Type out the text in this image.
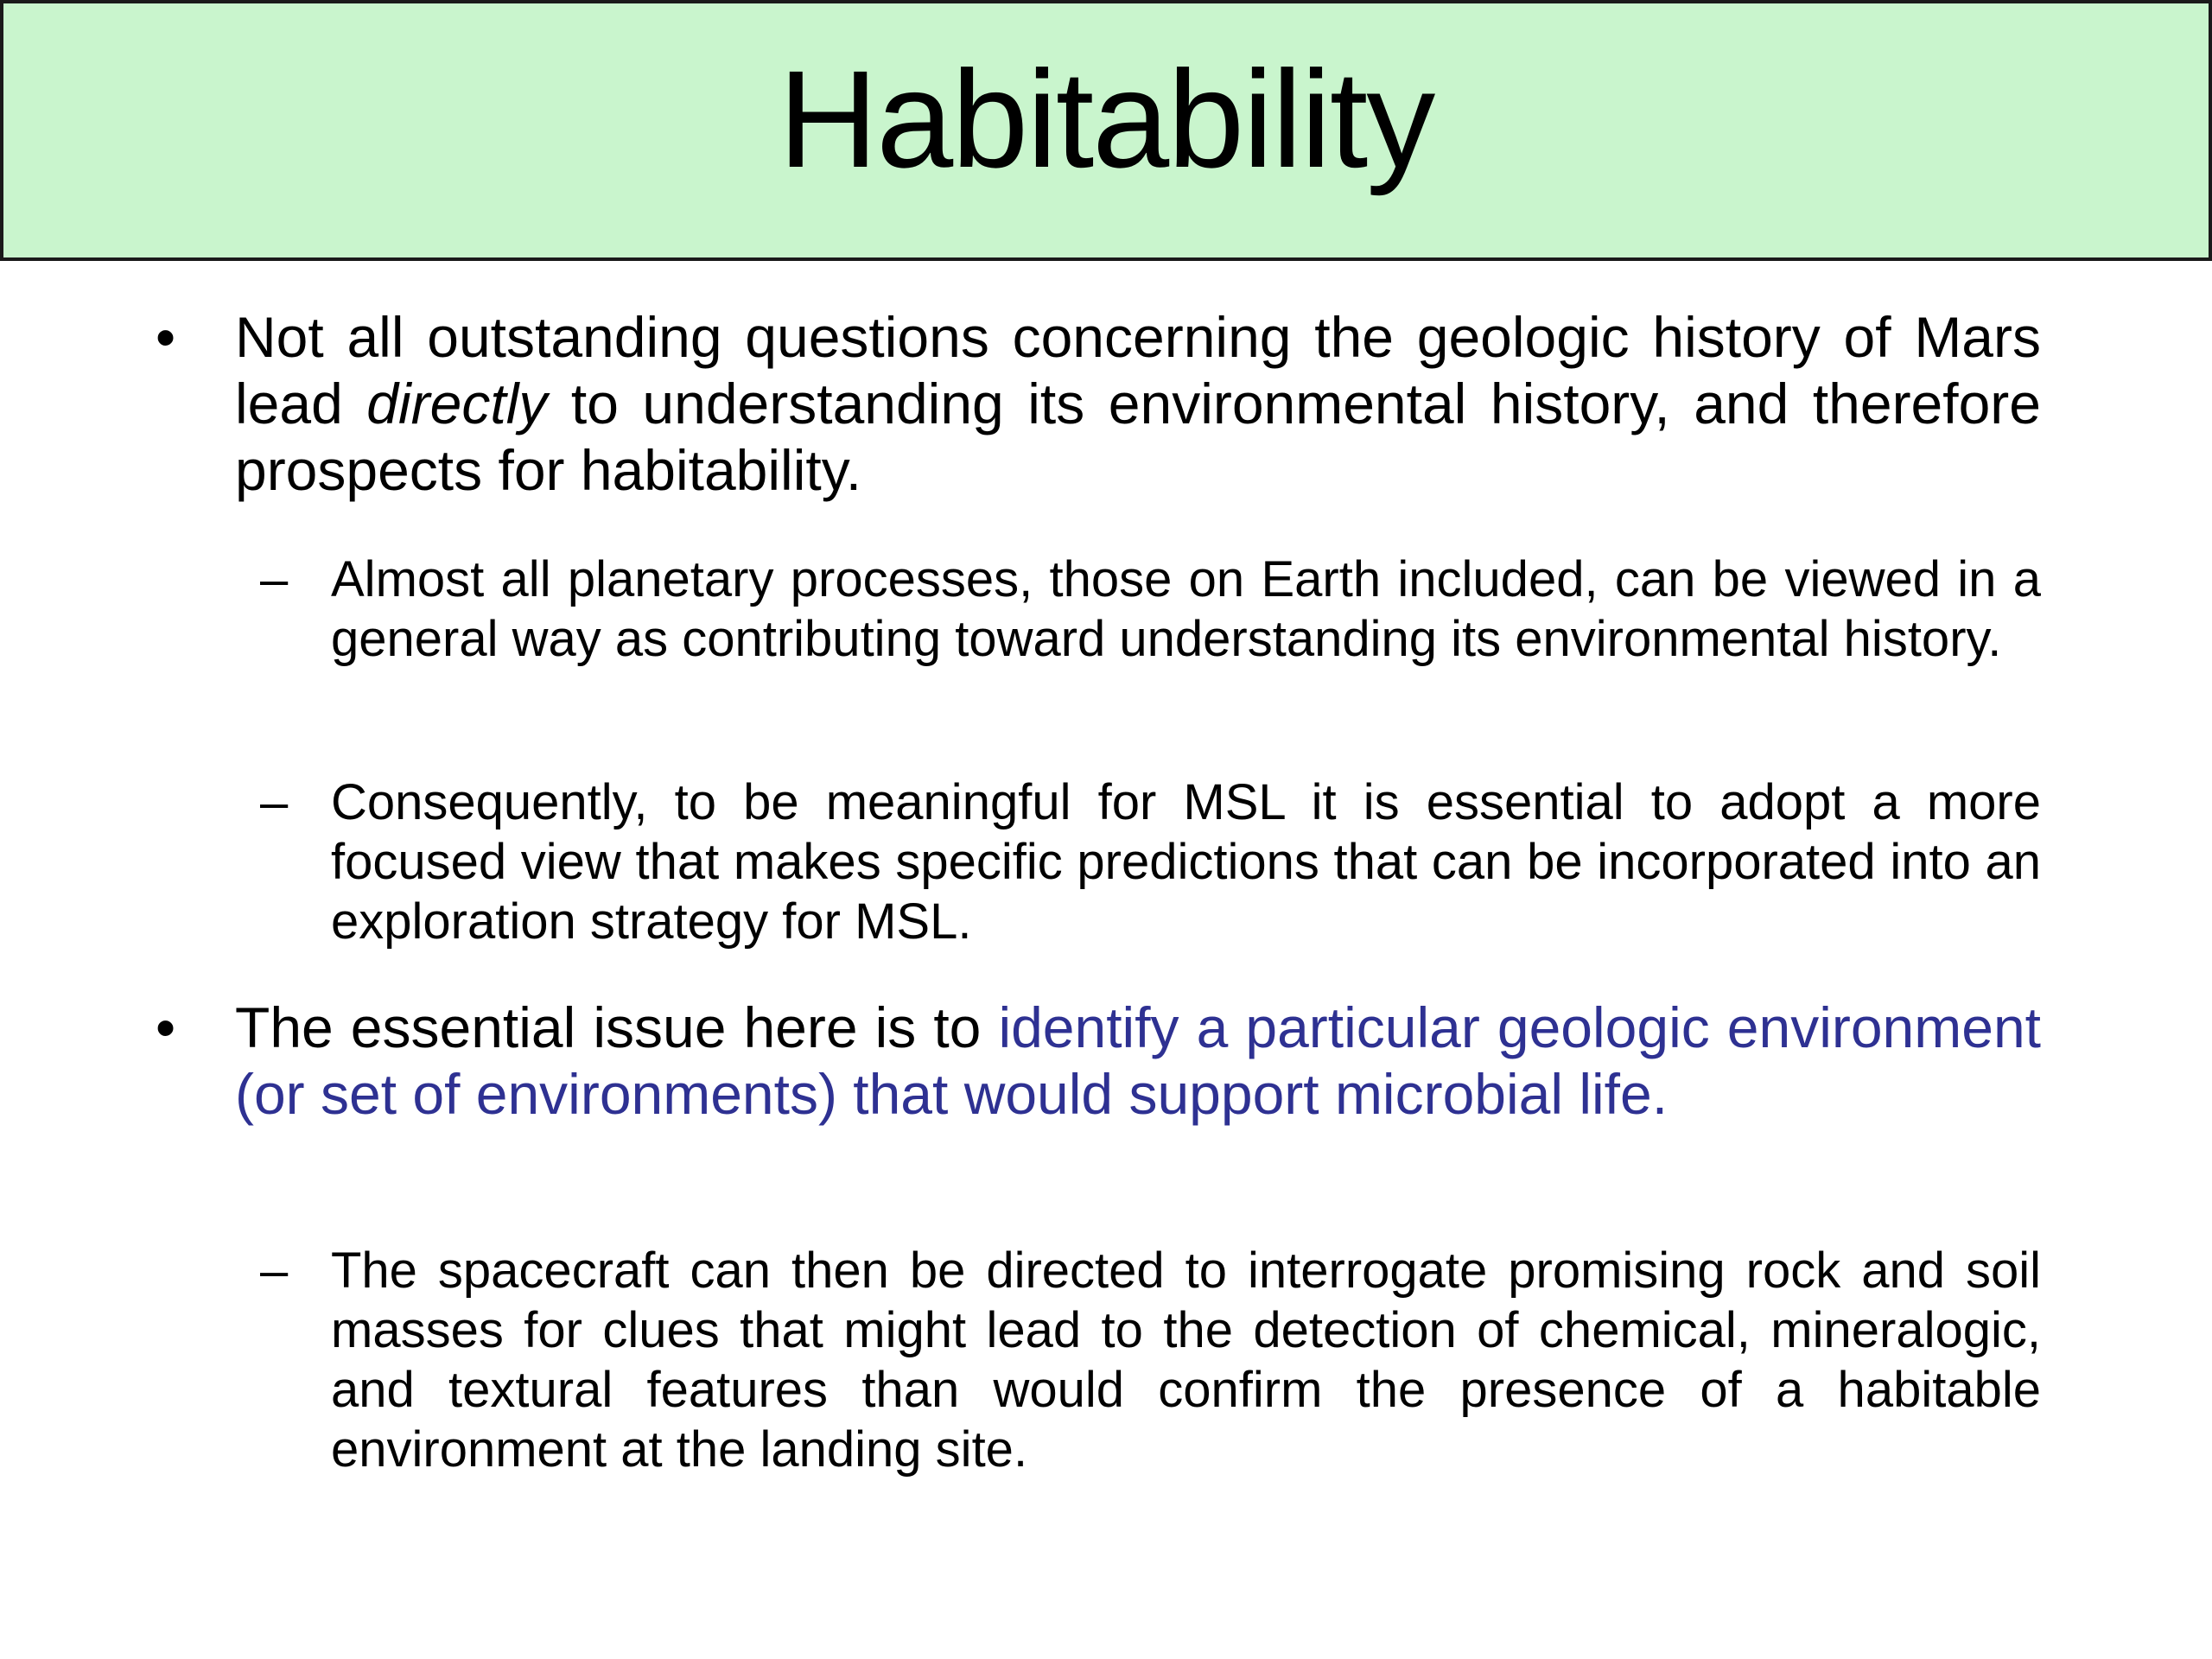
Habitability
• Not all outstanding questions concerning the geologic history of Mars lead directly to understanding its environmental history, and therefore prospects for habitability.
– Almost all planetary processes, those on Earth included, can be viewed in a general way as contributing toward understanding its environmental history.
– Consequently, to be meaningful for MSL it is essential to adopt a more focused view that makes specific predictions that can be incorporated into an exploration strategy for MSL.
• The essential issue here is to identify a particular geologic environment (or set of environments) that would support microbial life.
– The spacecraft can then be directed to interrogate promising rock and soil masses for clues that might lead to the detection of chemical, mineralogic, and textural features than would confirm the presence of a habitable environment at the landing site.
